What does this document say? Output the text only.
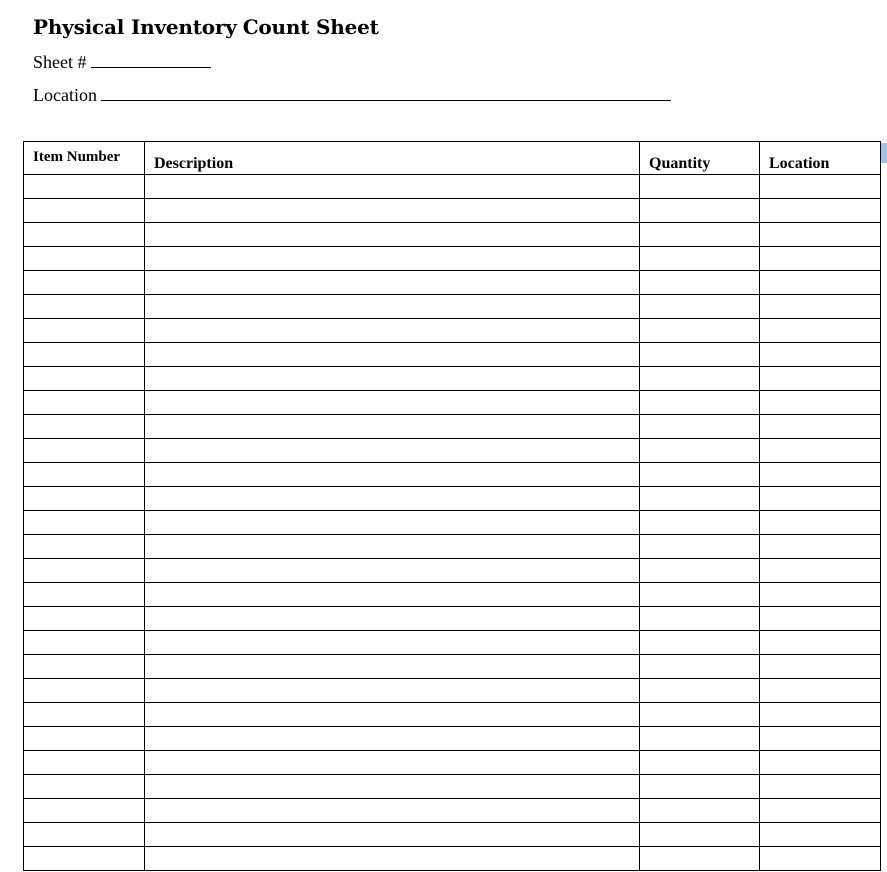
Physical Inventory Count Sheet
Sheet #
Location
Item Number	Description	Quantity	Location
